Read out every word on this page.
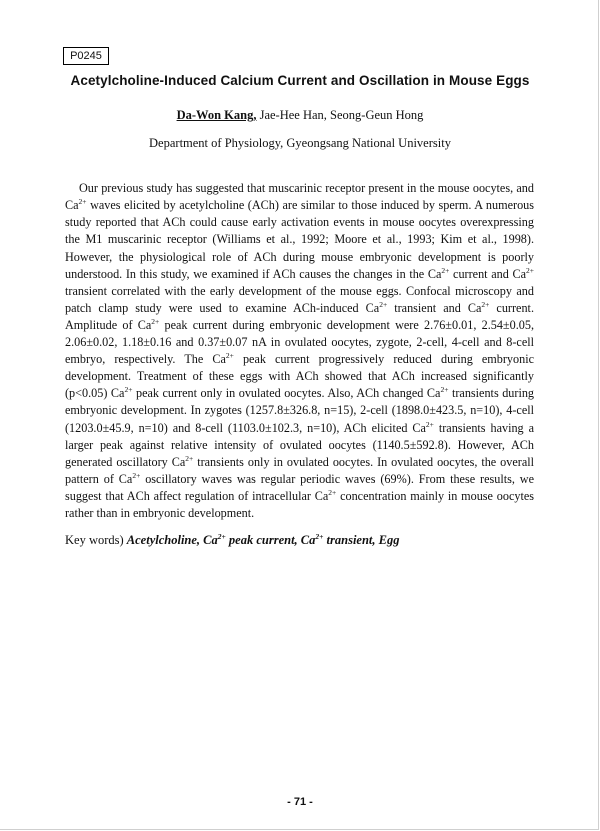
P0245
Acetylcholine-Induced Calcium Current and Oscillation in Mouse Eggs
Da-Won Kang, Jae-Hee Han, Seong-Geun Hong
Department of Physiology, Gyeongsang National University

Our previous study has suggested that muscarinic receptor present in the mouse oocytes, and $Ca^{2+}$ waves elicited by acetylcholine (ACh) are similar to those induced by sperm. A numerous study reported that ACh could cause early activation events in mouse oocytes overexpressing the M1 muscarinic receptor (Williams et al., 1992; Moore et al., 1993; Kim et al., 1998). However, the physiological role of ACh during mouse embryonic development is poorly understood. In this study, we examined if ACh causes the changes in the $Ca^{2+}$ current and $Ca^{2+}$ transient correlated with the early development of the mouse eggs. Confocal microscopy and patch clamp study were used to examine ACh-induced $Ca^{2+}$ transient and $Ca^{2+}$ current. Amplitude of $Ca^{2+}$ peak current during embryonic development were 2.76±0.01, 2.54±0.05, 2.06±0.02, 1.18±0.16 and 0.37±0.07 nA in ovulated oocytes, zygote, 2-cell, 4-cell and 8-cell embryo, respectively. The $Ca^{2+}$ peak current progressively reduced during embryonic development. Treatment of these eggs with ACh showed that ACh increased significantly (p<0.05) $Ca^{2+}$ peak current only in ovulated oocytes. Also, ACh changed $Ca^{2+}$ transients during embryonic development. In zygotes (1257.8±326.8, n=15), 2-cell (1898.0±423.5, n=10), 4-cell (1203.0±45.9, n=10) and 8-cell (1103.0±102.3, n=10), ACh elicited $Ca^{2+}$ transients having a larger peak against relative intensity of ovulated oocytes (1140.5±592.8). However, ACh generated oscillatory $Ca^{2+}$ transients only in ovulated oocytes. In ovulated oocytes, the overall pattern of $Ca^{2+}$ oscillatory waves was regular periodic waves (69%). From these results, we suggest that ACh affect regulation of intracellular $Ca^{2+}$ concentration mainly in mouse oocytes rather than in embryonic development.

Key words) Acetylcholine, $Ca^{2+}$ peak current, $Ca^{2+}$ transient, Egg
- 71 -
